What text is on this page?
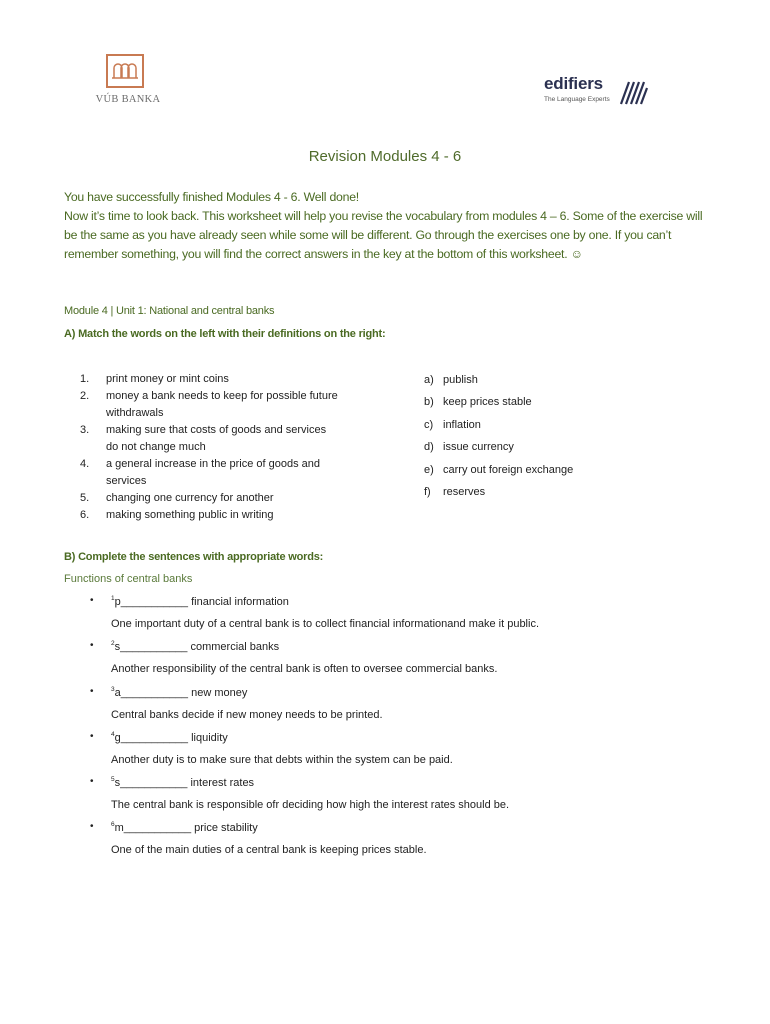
VÚB BANKA
edifiers
The Language Experts
Revision Modules 4 - 6

You have successfully finished Modules 4 - 6. Well done!

Now it’s time to look back. This worksheet will help you revise the vocabulary from modules 4 – 6. Some of the exercise will be the same as you have already seen while some will be different. Go through the exercises one by one. If you can’t remember something, you will find the correct answers in the key at the bottom of this worksheet. ☺

Module 4 | Unit 1: National and central banks
A) Match the words on the left with their definitions on the right:
1.	print money or mint coins
2.	money a bank needs to keep for possible future withdrawals
3.	making sure that costs of goods and services do not change much
4.	a general increase in the price of goods and services
5.	changing one currency for another
6.	making something public in writing
a) publish
b) keep prices stable
c) inflation
d) issue currency
e) carry out foreign exchange
f)	reserves
B) Complete the sentences with appropriate words:
Functions of central banks
•	$^1$p___________ financial information
One important duty of a central bank is to collect financial informationand make it public.
•	$^2$s___________ commercial banks
Another responsibility of the central bank is often to oversee commercial banks.
•	$^3$a___________ new money
Central banks decide if new money needs to be printed.
•	$^4$g___________ liquidity
Another duty is to make sure that debts within the system can be paid.
•	$^5$s___________ interest rates
The central bank is responsible ofr deciding how high the interest rates should be.
•	$^6$m___________ price stability
One of the main duties of a central bank is keeping prices stable.
